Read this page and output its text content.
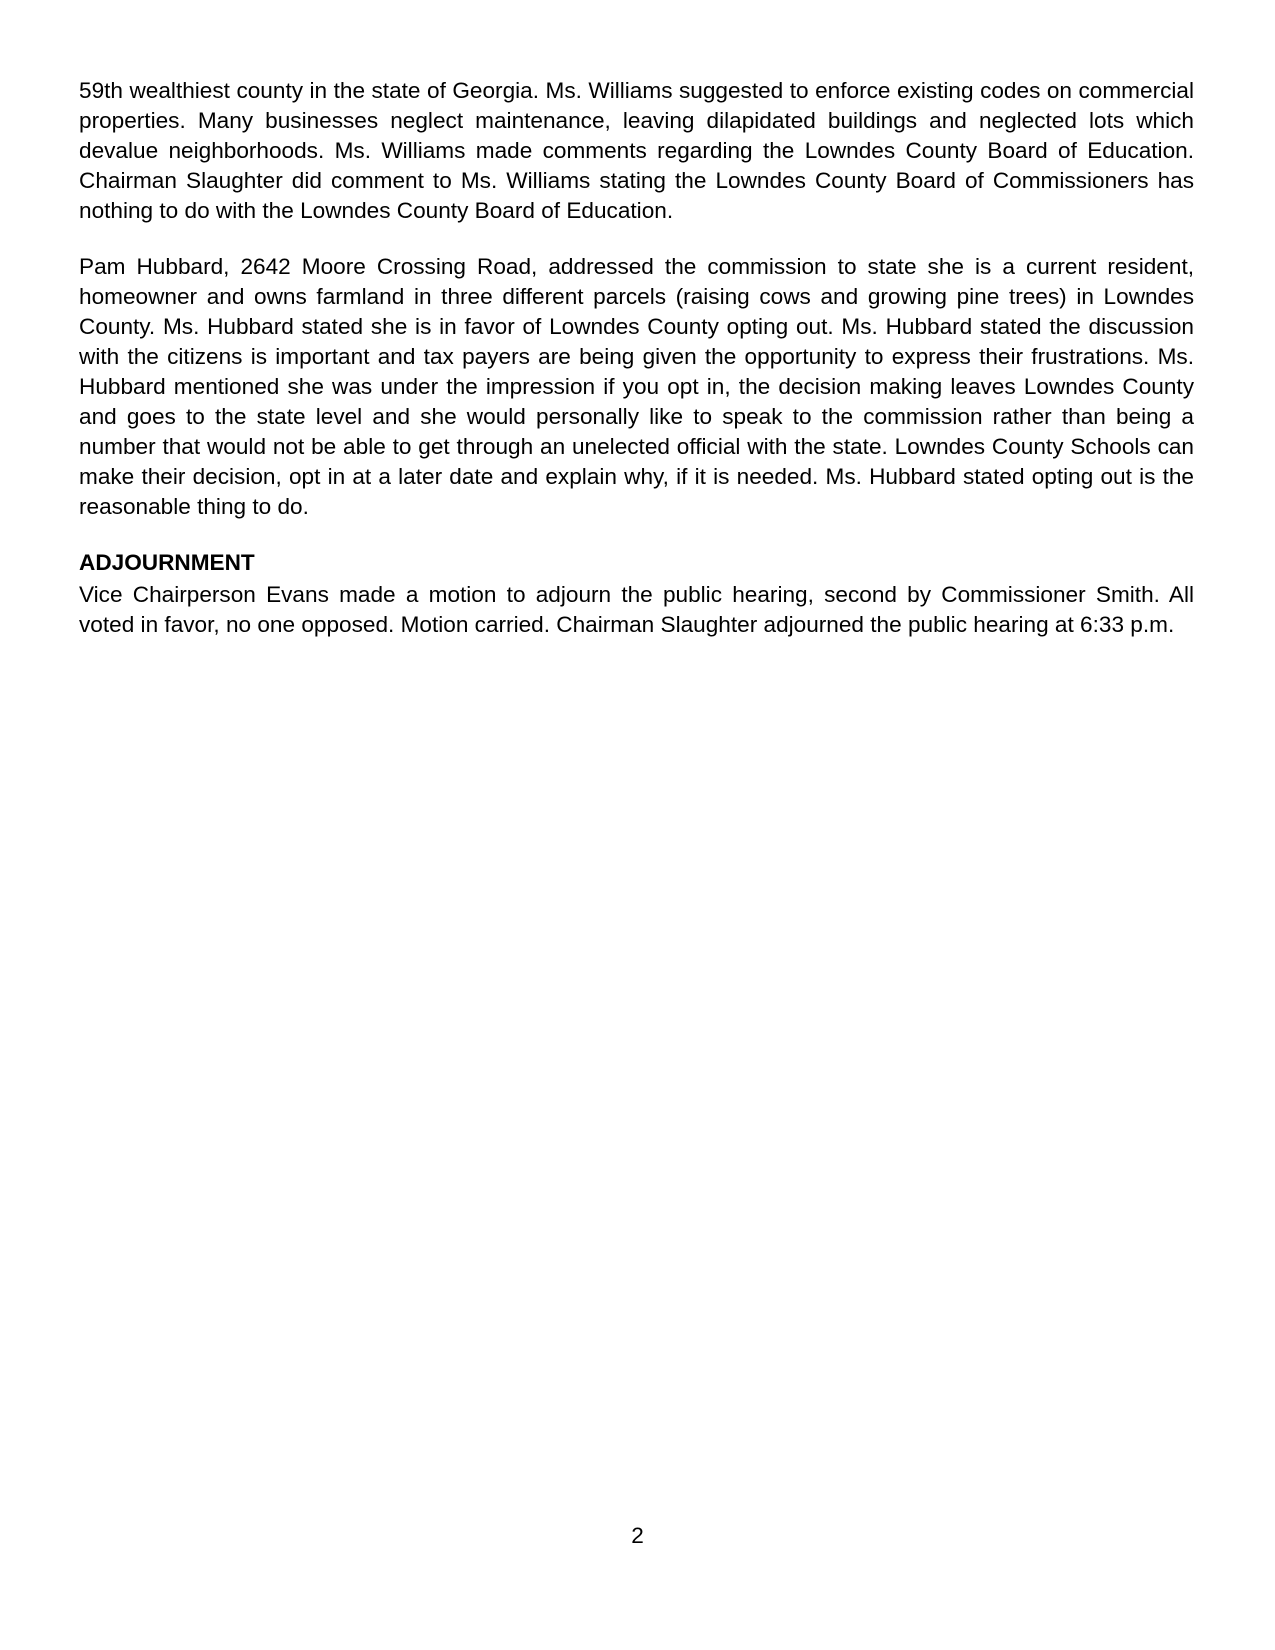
59th wealthiest county in the state of Georgia. Ms. Williams suggested to enforce existing codes on commercial properties. Many businesses neglect maintenance, leaving dilapidated buildings and neglected lots which devalue neighborhoods. Ms. Williams made comments regarding the Lowndes County Board of Education. Chairman Slaughter did comment to Ms. Williams stating the Lowndes County Board of Commissioners has nothing to do with the Lowndes County Board of Education.

Pam Hubbard, 2642 Moore Crossing Road, addressed the commission to state she is a current resident, homeowner and owns farmland in three different parcels (raising cows and growing pine trees) in Lowndes County. Ms. Hubbard stated she is in favor of Lowndes County opting out. Ms. Hubbard stated the discussion with the citizens is important and tax payers are being given the opportunity to express their frustrations. Ms. Hubbard mentioned she was under the impression if you opt in, the decision making leaves Lowndes County and goes to the state level and she would personally like to speak to the commission rather than being a number that would not be able to get through an unelected official with the state. Lowndes County Schools can make their decision, opt in at a later date and explain why, if it is needed. Ms. Hubbard stated opting out is the reasonable thing to do.

ADJOURNMENT

Vice Chairperson Evans made a motion to adjourn the public hearing, second by Commissioner Smith. All voted in favor, no one opposed. Motion carried. Chairman Slaughter adjourned the public hearing at 6:33 p.m.

2
